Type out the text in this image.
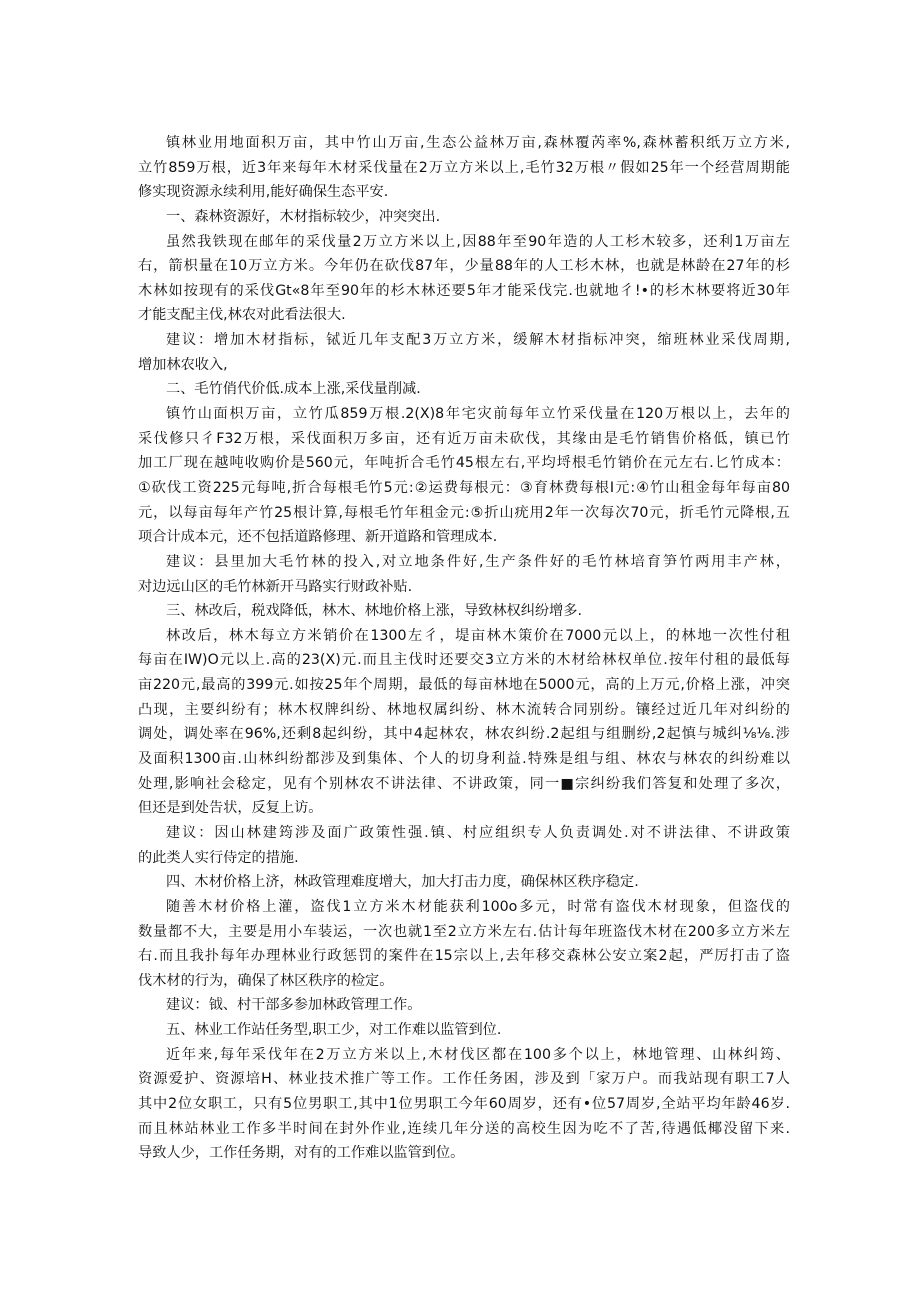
镇林业用地面积万亩，其中竹山万亩,生态公益林万亩,森林覆芮率%,森林蓄积纸万立方米,
立竹859万根，近3年来每年木材采伐量在2万立方米以上,毛竹32万根〃假如25年一个经营周期能
修实现资源永续利用,能好确保生态平安.
一、森林资源好，木材指标较少，冲突突出.
虽然我铁现在邮年的采伐量2万立方米以上,因88年至90年造的人工杉木较多，还利1万亩左
右，箭枳量在10万立方米。今年仍在砍伐87年，少量88年的人工杉木林，也就是林龄在27年的杉
木林如按现有的采伐Gt«8年至90年的杉木林还要5年才能采伐完.也就地彳!•的杉木林要将近30年
才能支配主伐,林农对此看法很大.
建议：增加木材指标，铽近几年支配3万立方米，缓解木材指标冲突，缩班林业采伐周期,
增加林农收入,
二、毛竹俏代价低.成本上涨,采伐量削减.
镇竹山面枳万亩，立竹瓜859万根.2(X)8年宅灾前每年立竹采伐量在120万根以上，去年的
采伐修只彳F32万根，采伐面积万多亩，还有近万亩未砍伐，其缘由是毛竹销售价格低，镇已竹
加工厂现在越吨收购价是560元，年吨折合毛竹45根左右,平均埒根毛竹销价在元左右.匕竹成本：
①砍伐工资225元每吨,折合每根毛竹5元:②运费每根元：③育林费每根I元:④竹山租金每年每亩80
元，以每亩每年产竹25根计算,每根毛竹年租金元:⑤折山疣用2年一次每次70元，折毛竹元降根,五
项合计成本元，还不包括道路修理、新开道路和管理成本.
建议：县里加大毛竹林的投入,对立地条件好,生产条件好的毛竹林培育笋竹两用丰产林，
对边远山区的毛竹林新开马路实行财政补贴.
三、林改后，税戏降低，林木、林地价格上涨，导致林权纠纷增多.
林改后，林木每立方米销价在1300左彳，堤亩林木策价在7000元以上，的林地一次性付租
每亩在IW)O元以上.高的23(X)元.而且主伐时还要交3立方米的木材给林权单位.按年付租的最低每
亩220元,最高的399元.如按25年个周期，最低的每亩林地在5000元，高的上万元,价格上涨，冲突
凸现，主要纠纷有；林木权牌纠纷、林地权属纠纷、林木流转合同别纷。镶经过近几年对纠纷的
调处，调处率在96%,还剩8起纠纷，其中4起林农，林农纠纷.2起组与组删纷,2起慎与城纠⅛⅛.涉
及面积1300亩.山林纠纷都涉及到集体、个人的切身利益.特殊是组与组、林农与林农的纠纷难以
处理,影响社会稔定，见有个别林农不讲法律、不讲政策，同一■宗纠纷我们答复和处理了多次，
但还是到处告状，反复上访。
建议：因山林建筠涉及面广政策性强.镇、村应组织专人负责调处.对不讲法律、不讲政策
的此类人实行侍定的措施.
四、木材价格上济，林政管理难度增大，加大打击力度，确保林区秩序稳定.
随善木材价格上灌，盗伐1立方米木材能获利100o多元，时常有盗伐木材现象，但盗伐的
数量都不大，主要是用小车装运，一次也就1至2立方米左右.估计每年班盗伐木材在200多立方米左
右.而且我扑每年办理林业行政惩罚的案件在15宗以上,去年移交森林公安立案2起，严厉打击了盗
伐木材的行为，确保了林区秩序的检定。
建议：钺、村干部多参加林政管理工作。
五、林业工作站任务型,职工少，对工作难以监管到位.
近年来,每年采伐年在2万立方米以上,木材伐区都在100多个以上，林地管理、山林纠筠、
资源爱护、资源培H、林业技术推广等工作。工作任务困，涉及到「家万户。而我站现有职工7人
其中2位女职工，只有5位男职工,其中1位男职工今年60周岁，还有•位57周岁,全站平均年龄46岁.
而且林站林业工作多半时间在封外作业,连续几年分送的高校生因为吃不了苦,待遇低椰没留下来.
导致人少，工作任务期，对有的工作难以监管到位。
